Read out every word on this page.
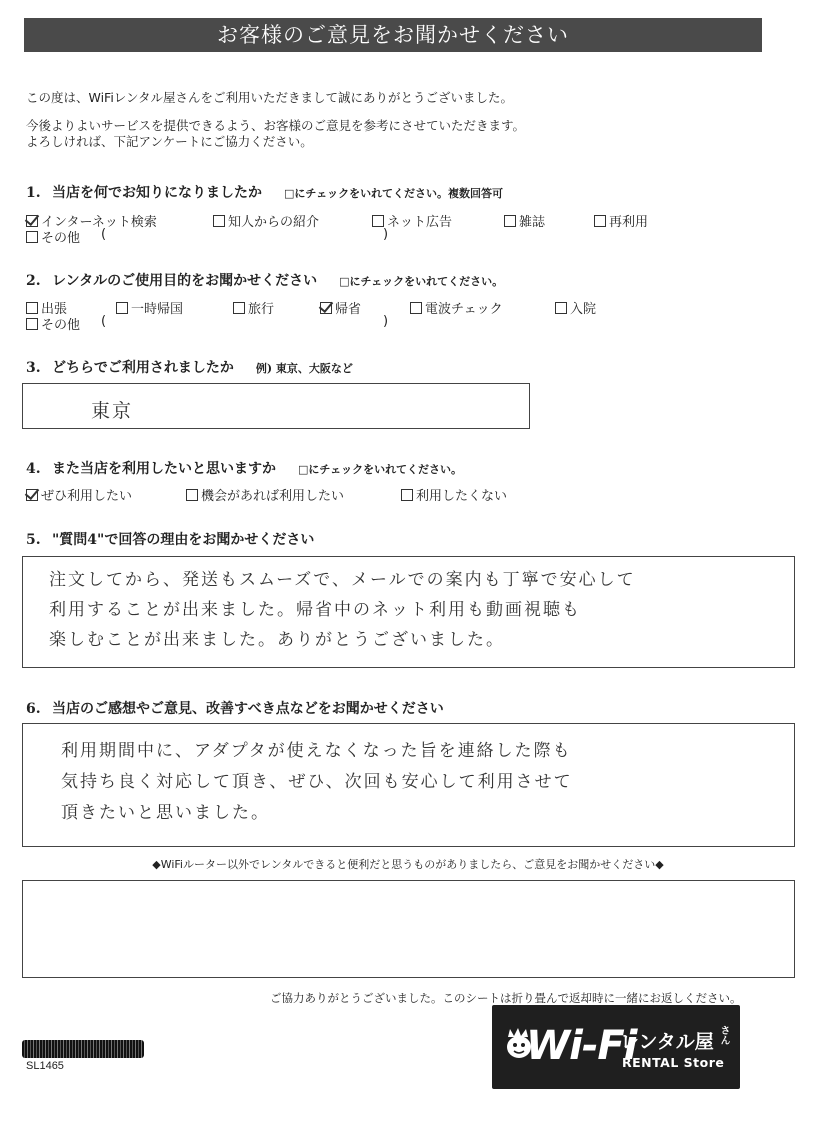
お客様のご意見をお聞かせください
この度は、WiFiレンタル屋さんをご利用いただきまして誠にありがとうございました。
今後よりよいサービスを提供できるよう、お客様のご意見を参考にさせていただきます。
よろしければ、下記アンケートにご協力ください。
1. 当店を何でお知りになりましたか □にチェックをいれてください。複数回答可
インターネット検索	知人からの紹介	ネット広告	雑誌	再利用
その他 (	)
2. レンタルのご使用目的をお聞かせください □にチェックをいれてください。
出張	一時帰国	旅行	帰省	電波チェック	入院
その他 (	)
3. どちらでご利用されましたか 例) 東京、大阪など
東京
4. また当店を利用したいと思いますか □にチェックをいれてください。
ぜひ利用したい	機会があれば利用したい	利用したくない
5. "質問4"で回答の理由をお聞かせください
注文してから、発送もスムーズで、メールでの案内も丁寧で安心して
利用することが出来ました。帰省中のネット利用も動画視聴も
楽しむことが出来ました。ありがとうございました。
6. 当店のご感想やご意見、改善すべき点などをお聞かせください
利用期間中に、アダプタが使えなくなった旨を連絡した際も
気持ち良く対応して頂き、ぜひ、次回も安心して利用させて
頂きたいと思いました。
◆WiFiルーター以外でレンタルできると便利だと思うものがありましたら、ご意見をお聞かせください◆
ご協力ありがとうございました。このシートは折り畳んで返却時に一緒にお返しください。
SL1465	Wi-Fi
レンタル屋 さん
RENTAL Store
